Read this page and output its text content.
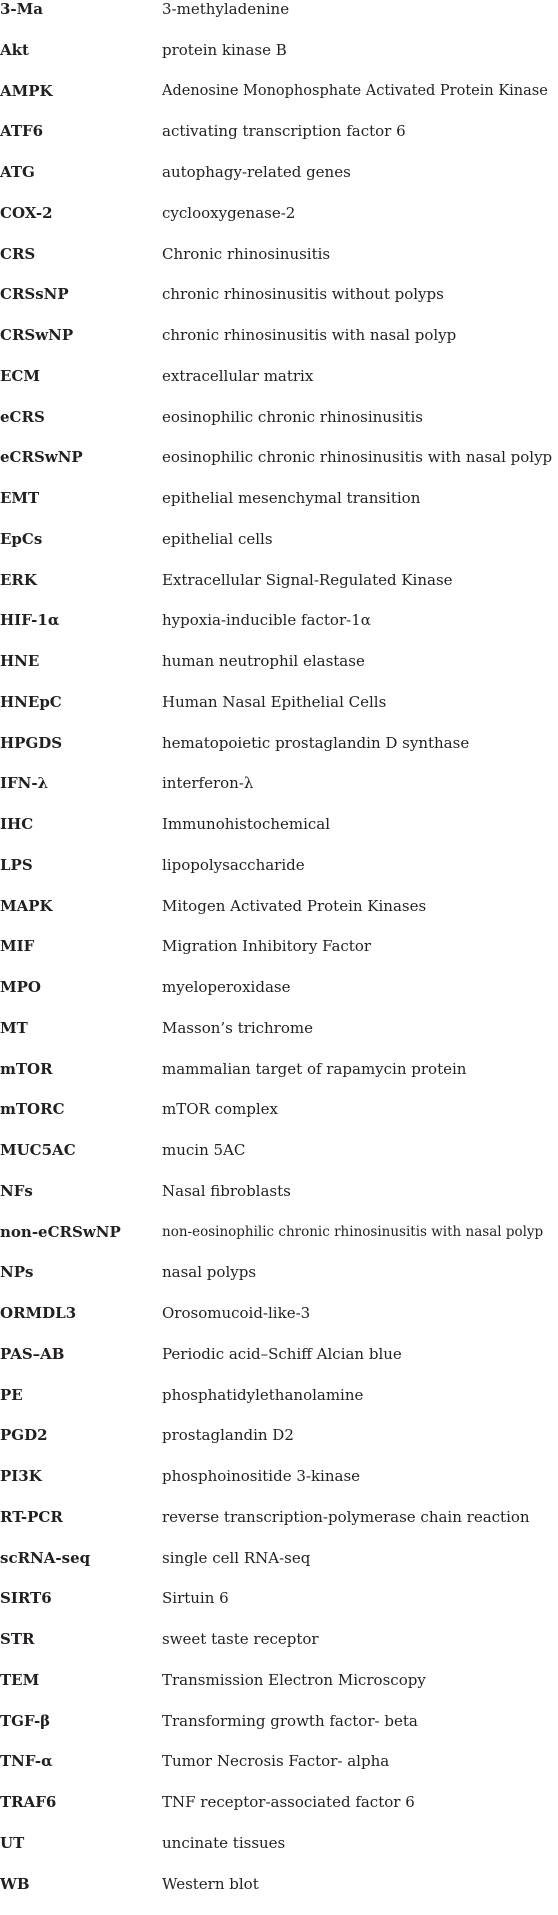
3-Ma	3-methyladenine
Akt	protein kinase B
AMPK	Adenosine Monophosphate Activated Protein Kinase
ATF6	activating transcription factor 6
ATG	autophagy-related genes
COX-2	cyclooxygenase-2
CRS	Chronic rhinosinusitis
CRSsNP	chronic rhinosinusitis without polyps
CRSwNP	chronic rhinosinusitis with nasal polyp
ECM	extracellular matrix
eCRS	eosinophilic chronic rhinosinusitis
eCRSwNP	eosinophilic chronic rhinosinusitis with nasal polyp
EMT	epithelial mesenchymal transition
EpCs	epithelial cells
ERK	Extracellular Signal-Regulated Kinase
HIF-1α	hypoxia-inducible factor-1α
HNE	human neutrophil elastase
HNEpC	Human Nasal Epithelial Cells
HPGDS	hematopoietic prostaglandin D synthase
IFN-λ	interferon-λ
IHC	Immunohistochemical
LPS	lipopolysaccharide
MAPK	Mitogen Activated Protein Kinases
MIF	Migration Inhibitory Factor
MPO	myeloperoxidase
MT	Masson’s trichrome
mTOR	mammalian target of rapamycin protein
mTORC	mTOR complex
MUC5AC	mucin 5AC
NFs	Nasal fibroblasts
non-eCRSwNP	non-eosinophilic chronic rhinosinusitis with nasal polyp
NPs	nasal polyps
ORMDL3	Orosomucoid-like-3
PAS–AB	Periodic acid–Schiff Alcian blue
PE	phosphatidylethanolamine
PGD2	prostaglandin D2
PI3K	phosphoinositide 3-kinase
RT-PCR	reverse transcription-polymerase chain reaction
scRNA-seq	single cell RNA-seq
SIRT6	Sirtuin 6
STR	sweet taste receptor
TEM	Transmission Electron Microscopy
TGF-β	Transforming growth factor- beta
TNF-α	Tumor Necrosis Factor- alpha
TRAF6	TNF receptor-associated factor 6
UT	uncinate tissues
WB	Western blot
